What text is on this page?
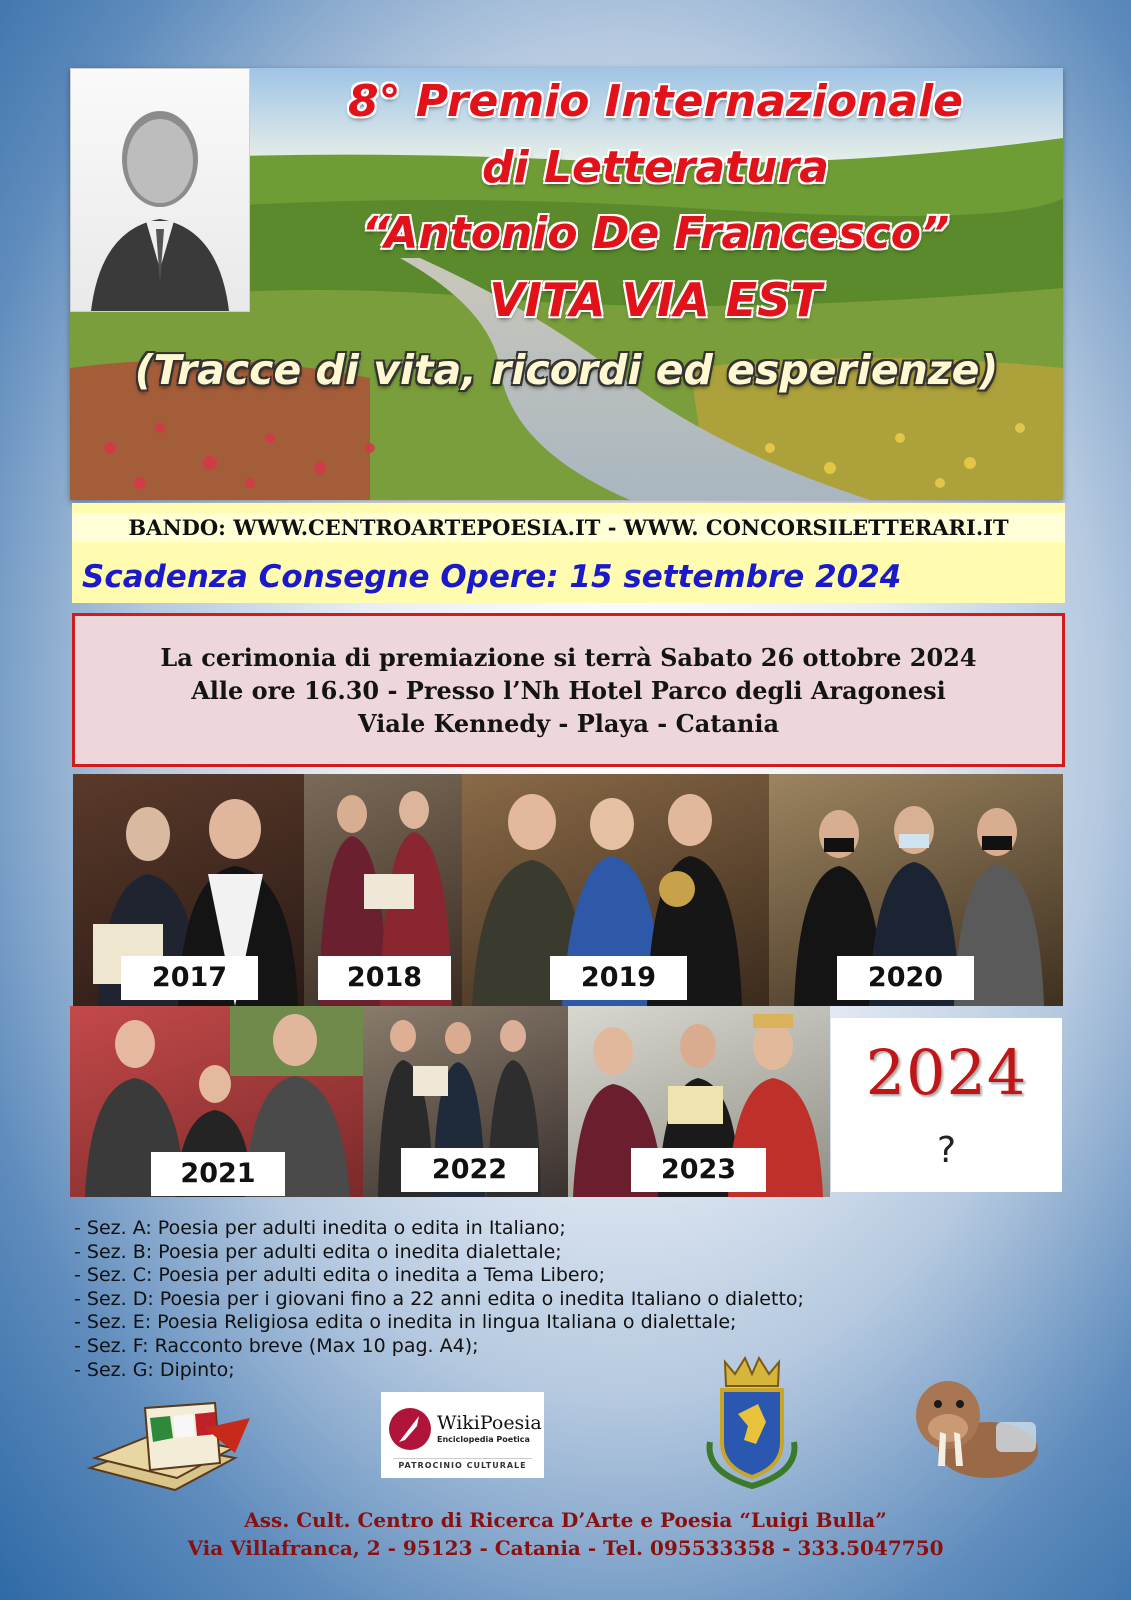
8° Premio Internazionale
di Letteratura
“Antonio De Francesco”
VITA VIA EST
(Tracce di vita, ricordi ed esperienze)
BANDO: WWW.CENTROARTEPOESIA.IT - WWW. CONCORSILETTERARI.IT
Scadenza Consegne Opere: 15 settembre 2024
La cerimonia di premiazione si terrà Sabato 26 ottobre 2024
Alle ore 16.30 - Presso l’Nh Hotel Parco degli Aragonesi
Viale Kennedy - Playa - Catania
2017	2018	2019	2020
2021	2022	2023
2024
?
- Sez. A: Poesia per adulti inedita o edita in Italiano;
- Sez. B: Poesia per adulti edita o inedita dialettale;
- Sez. C: Poesia per adulti edita o inedita a Tema Libero;
- Sez. D: Poesia per i giovani fino a 22 anni edita o inedita Italiano o dialetto;
- Sez. E: Poesia Religiosa edita o inedita in lingua Italiana o dialettale;
- Sez. F: Racconto breve (Max 10 pag. A4);
- Sez. G: Dipinto;
WikiPoesia
Enciclopedia Poetica
PATROCINIO CULTURALE
Ass. Cult. Centro di Ricerca D’Arte e Poesia “Luigi Bulla”
Via Villafranca, 2 - 95123 - Catania - Tel. 095533358 - 333.5047750
